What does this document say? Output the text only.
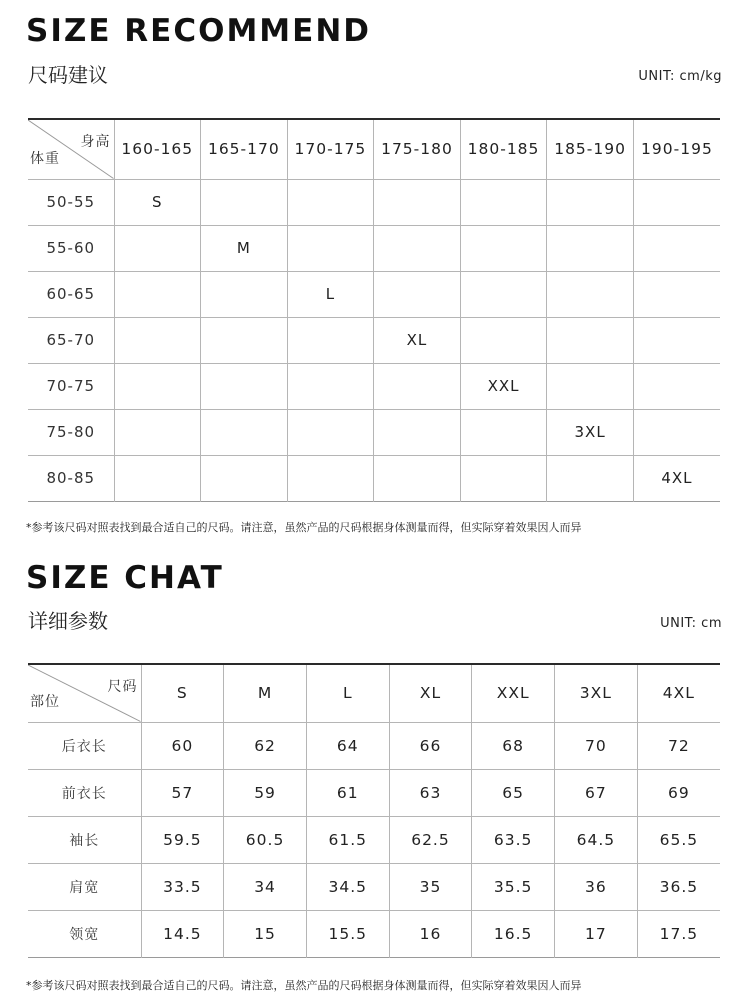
SIZE RECOMMEND
尺码建议	UNIT: cm/kg
身高
体重	160-165	165-170	170-175	175-180	180-185	185-190	190-195
50-55	S						
55-60		M					
60-65			L				
65-70				XL			
70-75					XXL		
75-80						3XL	
80-85							4XL
*参考该尺码对照表找到最合适自己的尺码。请注意，虽然产品的尺码根据身体测量而得，但实际穿着效果因人而异
SIZE CHAT
详细参数	UNIT: cm
尺码
部位	S	M	L	XL	XXL	3XL	4XL
后衣长	60	62	64	66	68	70	72
前衣长	57	59	61	63	65	67	69
袖长	59.5	60.5	61.5	62.5	63.5	64.5	65.5
肩宽	33.5	34	34.5	35	35.5	36	36.5
领宽	14.5	15	15.5	16	16.5	17	17.5
*参考该尺码对照表找到最合适自己的尺码。请注意，虽然产品的尺码根据身体测量而得，但实际穿着效果因人而异
